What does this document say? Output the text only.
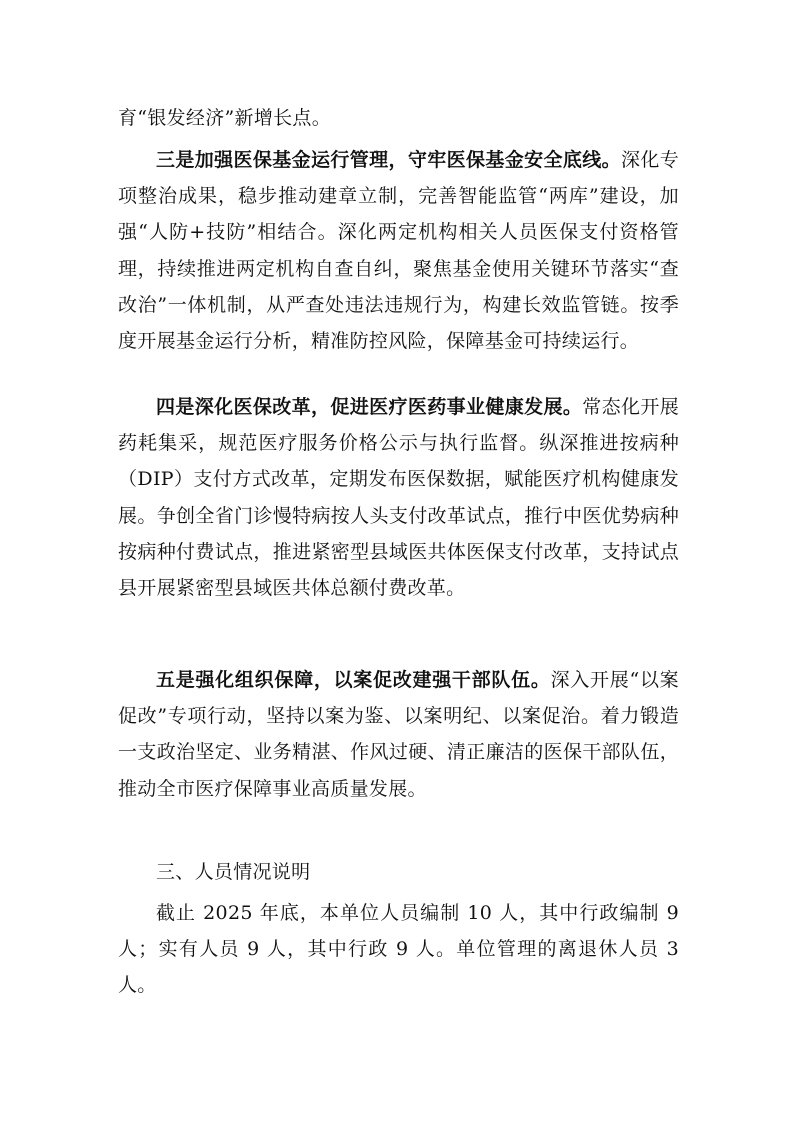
育“银发经济”新增长点。

三是加强医保基金运行管理，守牢医保基金安全底线。深化专项整治成果，稳步推动建章立制，完善智能监管“两库”建设，加强“人防+技防”相结合。深化两定机构相关人员医保支付资格管理，持续推进两定机构自查自纠，聚焦基金使用关键环节落实“查改治”一体机制，从严查处违法违规行为，构建长效监管链。按季度开展基金运行分析，精准防控风险，保障基金可持续运行。

四是深化医保改革，促进医疗医药事业健康发展。常态化开展药耗集采，规范医疗服务价格公示与执行监督。纵深推进按病种（DIP）支付方式改革，定期发布医保数据，赋能医疗机构健康发展。争创全省门诊慢特病按人头支付改革试点，推行中医优势病种按病种付费试点，推进紧密型县域医共体医保支付改革，支持试点县开展紧密型县域医共体总额付费改革。

五是强化组织保障，以案促改建强干部队伍。深入开展“以案促改”专项行动，坚持以案为鉴、以案明纪、以案促治。着力锻造一支政治坚定、业务精湛、作风过硬、清正廉洁的医保干部队伍，推动全市医疗保障事业高质量发展。

三、人员情况说明

截止 2025 年底，本单位人员编制 10 人，其中行政编制 9 人；实有人员 9 人，其中行政 9 人。单位管理的离退休人员 3 人。
